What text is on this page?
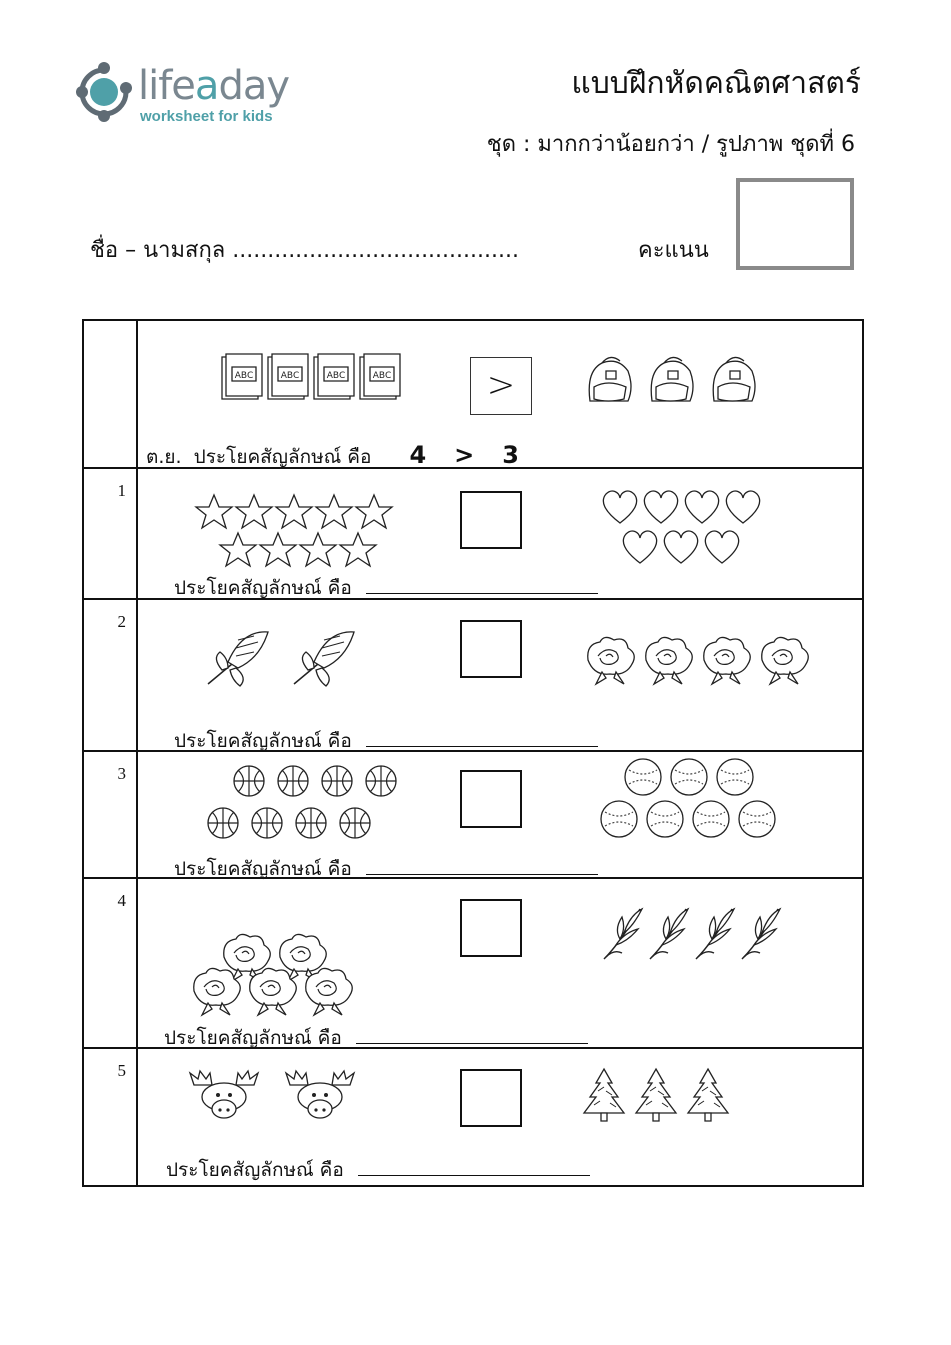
lifeaday
worksheet for kids
แบบฝึกหัดคณิตศาสตร์
ชุด : มากกว่าน้อยกว่า / รูปภาพ ชุดที่ 6
ชื่อ – นามสกุล .........................................	คะแนน
ABC	ABC	ABC	ABC	>
ต.ย. ประโยคสัญลักษณ์ คือ 4 > 3
1
ประโยคสัญลักษณ์ คือ
2
ประโยคสัญลักษณ์ คือ
3
ประโยคสัญลักษณ์ คือ
4
ประโยคสัญลักษณ์ คือ
5
ประโยคสัญลักษณ์ คือ
